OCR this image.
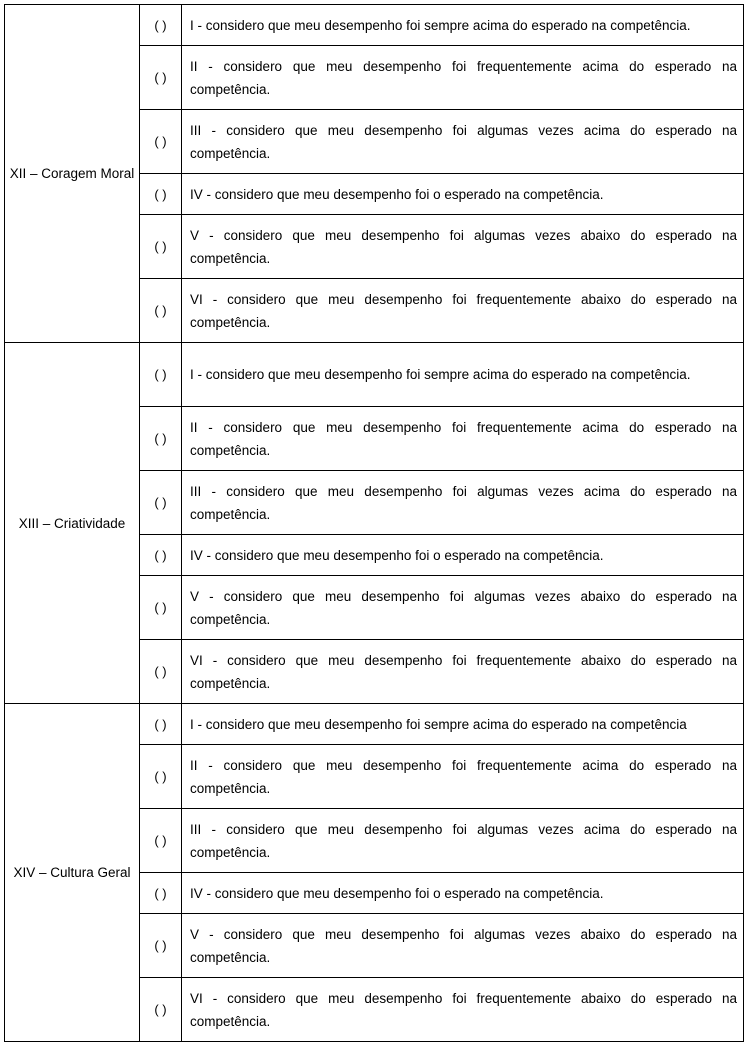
XII – Coragem Moral	( )	I - considero que meu desempenho foi sempre acima do esperado na competência.
	( )	II - considero que meu desempenho foi frequentemente acima do esperado na competência.
	( )	III - considero que meu desempenho foi algumas vezes acima do esperado na competência.
	( )	IV - considero que meu desempenho foi o esperado na competência.
	( )	V - considero que meu desempenho foi algumas vezes abaixo do esperado na competência.
	( )	VI - considero que meu desempenho foi frequentemente abaixo do esperado na competência.
XIII – Criatividade	( )	I - considero que meu desempenho foi sempre acima do esperado na competência.
	( )	II - considero que meu desempenho foi frequentemente acima do esperado na competência.
	( )	III - considero que meu desempenho foi algumas vezes acima do esperado na competência.
	( )	IV - considero que meu desempenho foi o esperado na competência.
	( )	V - considero que meu desempenho foi algumas vezes abaixo do esperado na competência.
	( )	VI - considero que meu desempenho foi frequentemente abaixo do esperado na competência.
XIV – Cultura Geral	( )	I - considero que meu desempenho foi sempre acima do esperado na competência
	( )	II - considero que meu desempenho foi frequentemente acima do esperado na competência.
	( )	III - considero que meu desempenho foi algumas vezes acima do esperado na competência.
	( )	IV - considero que meu desempenho foi o esperado na competência.
	( )	V - considero que meu desempenho foi algumas vezes abaixo do esperado na competência.
	( )	VI - considero que meu desempenho foi frequentemente abaixo do esperado na competência.
